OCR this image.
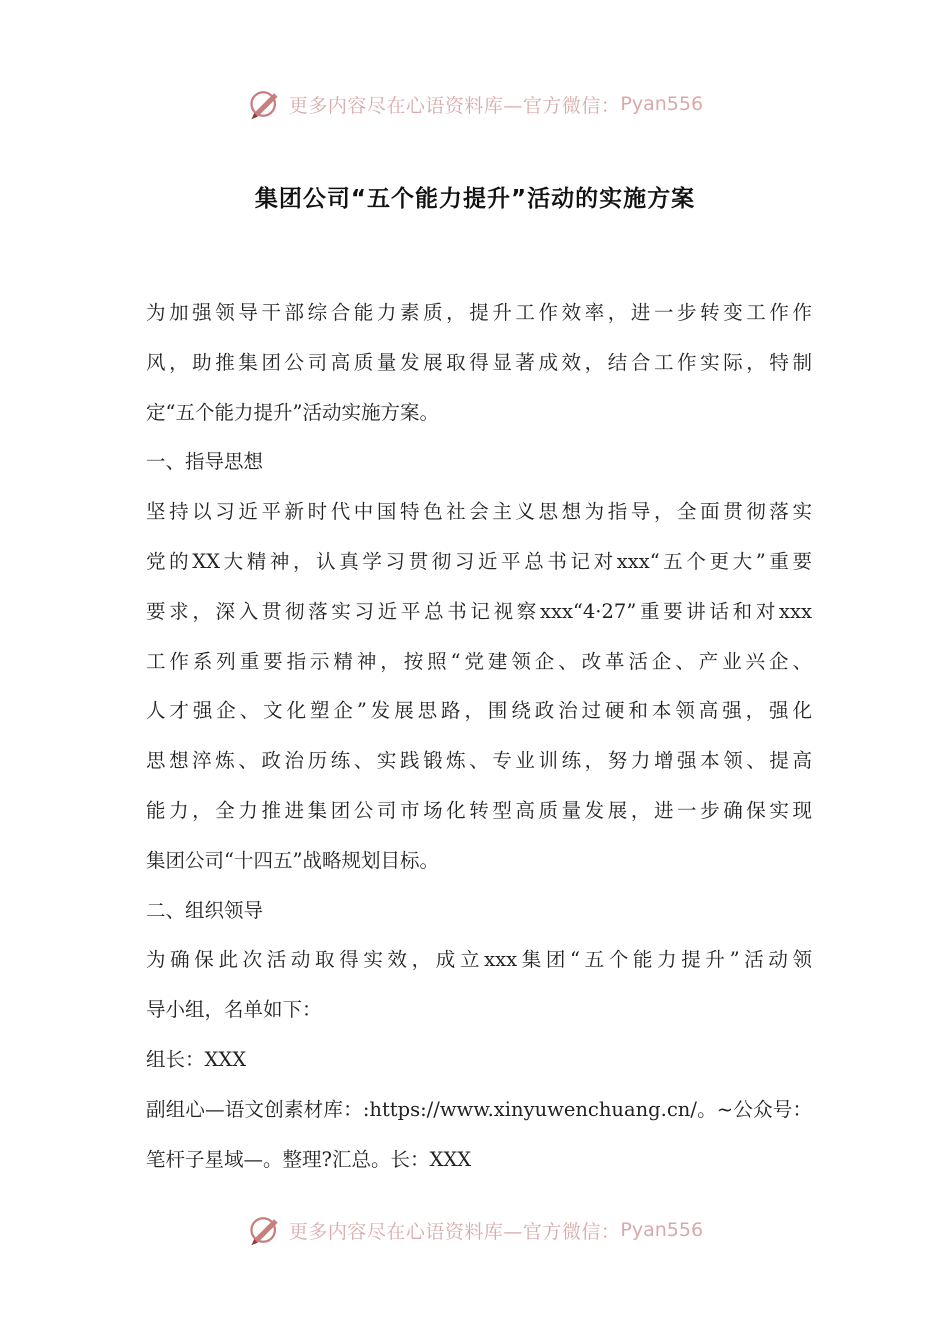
更多内容尽在心语资料库—官方微信： Pyan556
集团公司“五个能力提升”活动的实施方案
为加强领导干部综合能力素质，提升工作效率，进一步转变工作作
风，助推集团公司高质量发展取得显著成效，结合工作实际，特制
定“五个能力提升”活动实施方案。
一、指导思想
坚持以习近平新时代中国特色社会主义思想为指导，全面贯彻落实
党的XX大精神，认真学习贯彻习近平总书记对xxx“五个更大”重要
要求，深入贯彻落实习近平总书记视察xxx“4·27”重要讲话和对xxx
工作系列重要指示精神，按照“党建领企、改革活企、产业兴企、
人才强企、文化塑企”发展思路，围绕政治过硬和本领高强，强化
思想淬炼、政治历练、实践锻炼、专业训练，努力增强本领、提高
能力，全力推进集团公司市场化转型高质量发展，进一步确保实现
集团公司“十四五”战略规划目标。
二、组织领导
为确保此次活动取得实效，成立xxx集团“五个能力提升”活动领
导小组，名单如下：
组长：XXX
副组心—语文创素材库：:https://www.xinyuwenchuang.cn/。~公众号：
笔杆子星域—。整理?汇总。长：XXX
更多内容尽在心语资料库—官方微信： Pyan556
